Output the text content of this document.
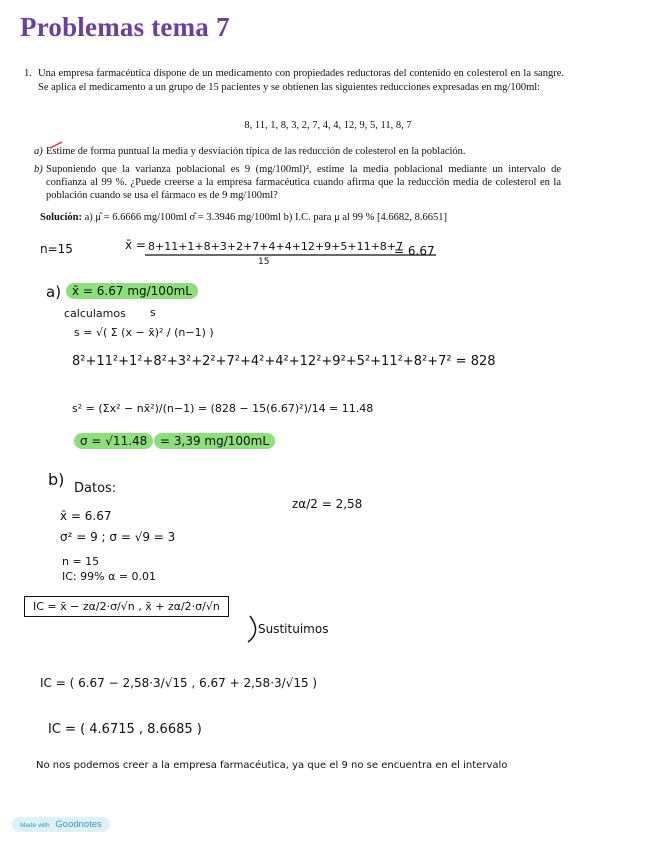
Problemas tema 7
1. Una empresa farmacéutica dispone de un medicamento con propiedades reductoras del contenido en colesterol en la sangre. Se aplica el medicamento a un grupo de 15 pacientes y se obtienen las siguientes reducciones expresadas en mg/100ml:
8, 11, 1, 8, 3, 2, 7, 4, 4, 12, 9, 5, 11, 8, 7
a) Estime de forma puntual la media y desviación típica de las reducción de colesterol en la población.
b) Suponiendo que la varianza poblacional es 9 (mg/100ml)², estime la media poblacional mediante un intervalo de confianza al 99 %. ¿Puede creerse a la empresa farmacéutica cuando afirma que la reducción media de colesterol en la población cuando se usa el fármaco es de 9 mg/100ml?
Solución: a) μ̂ = 6.6666 mg/100ml σ̂ = 3.3946 mg/100ml b) I.C. para μ al 99 % [4.6682, 8.6651]
n=15	x̄ = 8+11+1+8+3+2+7+4+4+12+9+5+11+8+7
15
= 6.67
a) x̄ = 6.67 mg/100mL
calculamos s
s = √( Σ (x − x̄)² / (n−1) )
8²+11²+1²+8²+3²+2²+7²+4²+4²+12²+9²+5²+11²+8²+7² = 828
s² = (Σx² − nx̄²)/(n−1) = (828 − 15(6.67)²)/14 = 11.48
σ = √11.48	= 3,39 mg/100mL
b) Datos:
zα/2 = 2,58
x̄ = 6.67
σ² = 9 ; σ = √9 = 3
n = 15
IC: 99% α = 0.01
IC = x̄ − zα/2·σ/√n , x̄ + zα/2·σ/√n
Sustituimos
IC = ( 6.67 − 2,58·3/√15 , 6.67 + 2,58·3/√15 )
IC = ( 4.6715 , 8.6685 )
No nos podemos creer a la empresa farmacéutica, ya que el 9 no se encuentra en el intervalo
Made with Goodnotes
